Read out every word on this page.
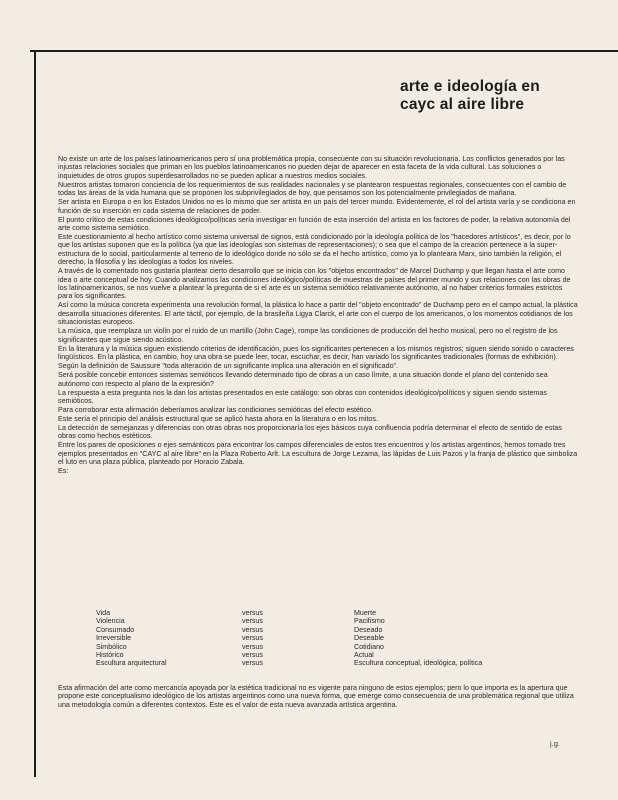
arte e ideología en
cayc al aire libre

No existe un arte de los países latinoamericanos pero sí una problemática propia, consecuente con su situación revolucionaria. Los conflictos generados por las injustas relaciones sociales que priman en los pueblos latinoamericanos no pueden dejar de aparecer en esta faceta de la vida cultural. Las soluciones o inquietudes de otros grupos superdesarrollados no se pueden aplicar a nuestros medios sociales.

Nuestros artistas tomaron conciencia de los requerimientos de sus realidades nacionales y se plantearon respuestas regionales, consecuentes con el cambio de todas las áreas de la vida humana que se proponen los subprivilegiados de hoy, que pensamos son los potencialmente privilegiados de mañana.

Ser artista en Europa o en los Estados Unidos no es lo mismo que ser artista en un país del tercer mundo. Evidentemente, el rol del artista varía y se condiciona en función de su inserción en cada sistema de relaciones de poder.

El punto crítico de estas condiciones ideológico/políticas sería investigar en función de esta inserción del artista en los factores de poder, la relativa autonomía del arte como sistema semiótico.

Este cuestionamiento al hecho artístico como sistema universal de signos, está condicionado por la ideología política de los "hacedores artísticos", es decir, por lo que los artistas suponen que es la política (ya que las ideologías son sistemas de representaciones); o sea que el campo de la creación pertenece a la super-estructura de lo social, particularmente al terreno de lo ideológico donde no sólo se da el hecho artístico, como ya lo planteara Marx, sino también la religión, el derecho, la filosofía y las ideologías a todos los niveles.

A través de lo comentado nos gustaría plantear cierto desarrollo que se inicia con los "objetos encontrados" de Marcel Duchamp y que llegan hasta el arte como idea o arte conceptual de hoy. Cuando analizamos las condiciones ideológico/políticas de muestras de países del primer mundo y sus relaciones con las obras de los latinoamericanos, se nos vuelve a plantear la pregunta de si el arte es un sistema semiótico relativamente autónomo, al no haber criterios formales estrictos para los significantes.

Así como la música concreta experimenta una revolución formal, la plástica lo hace a partir del "objeto encontrado" de Duchamp pero en el campo actual, la plástica desarrolla situaciones diferentes. El arte táctil, por ejemplo, de la brasileña Ligya Clarck, el arte con el cuerpo de los americanos, o los momentos cotidianos de los situacionistas europeos.

La música, que reemplaza un violín por el ruido de un martillo (John Cage), rompe las condiciones de producción del hecho musical, pero no el registro de los significantes que sigue siendo acústico.

En la literatura y la música siguen existiendo criterios de identificación, pues los significantes pertenecen a los mismos registros; siguen siendo sonido o caracteres lingüísticos. En la plástica, en cambio, hoy una obra se puede leer, tocar, escuchar, es decir, han variado los significantes tradicionales (formas de exhibición).

Según la definición de Saussure "toda alteración de un significante implica una alteración en el significado".

Será posible concebir entonces sistemas semióticos llevando determinado tipo de obras a un caso límite, a una situación donde el plano del contenido sea autónomo con respecto al plano de la expresión?

La respuesta a esta pregunta nos la dan los artistas presentados en este catálogo: son obras con contenidos ideológico/políticos y siguen siendo sistemas semióticos.

Para corroborar esta afirmación deberíamos analizar las condiciones semióticas del efecto estético.

Este sería el principio del análisis estructural que se aplicó hasta ahora en la literatura o en los mitos.

La detección de semejanzas y diferencias con otras obras nos proporcionaría los ejes básicos cuya confluencia podría determinar el efecto de sentido de estas obras como hechos estéticos.

Entre los pares de oposiciones o ejes semánticos para encontrar los campos diferenciales de estos tres encuentros y los artistas argentinos, hemos tomado tres ejemplos presentados en "CAYC al aire libre" en la Plaza Roberto Arlt. La escultura de Jorge Lezama, las lápidas de Luis Pazos y la franja de plástico que simboliza el luto en una plaza pública, planteado por Horacio Zabala.

Es:

Vida	versus	Muerte
Violencia	versus	Pacifismo
Consumado	versus	Deseado
Irreversible	versus	Deseable
Simbólico	versus	Cotidiano
Histórico	versus	Actual
Escultura arquitectural	versus	Escultura conceptual, ideológica, política
Esta afirmación del arte como mercancía apoyada por la estética tradicional no es vigente para ninguno de estos ejemplos; pero lo que importa es la apertura que propone este conceptualismo ideológico de los artistas argentinos como una nueva forma, que emerge como consecuencia de una problemática regional que utiliza una metodología común a diferentes contextos. Este es el valor de esta nueva avanzada artística argentina.
j.g.
